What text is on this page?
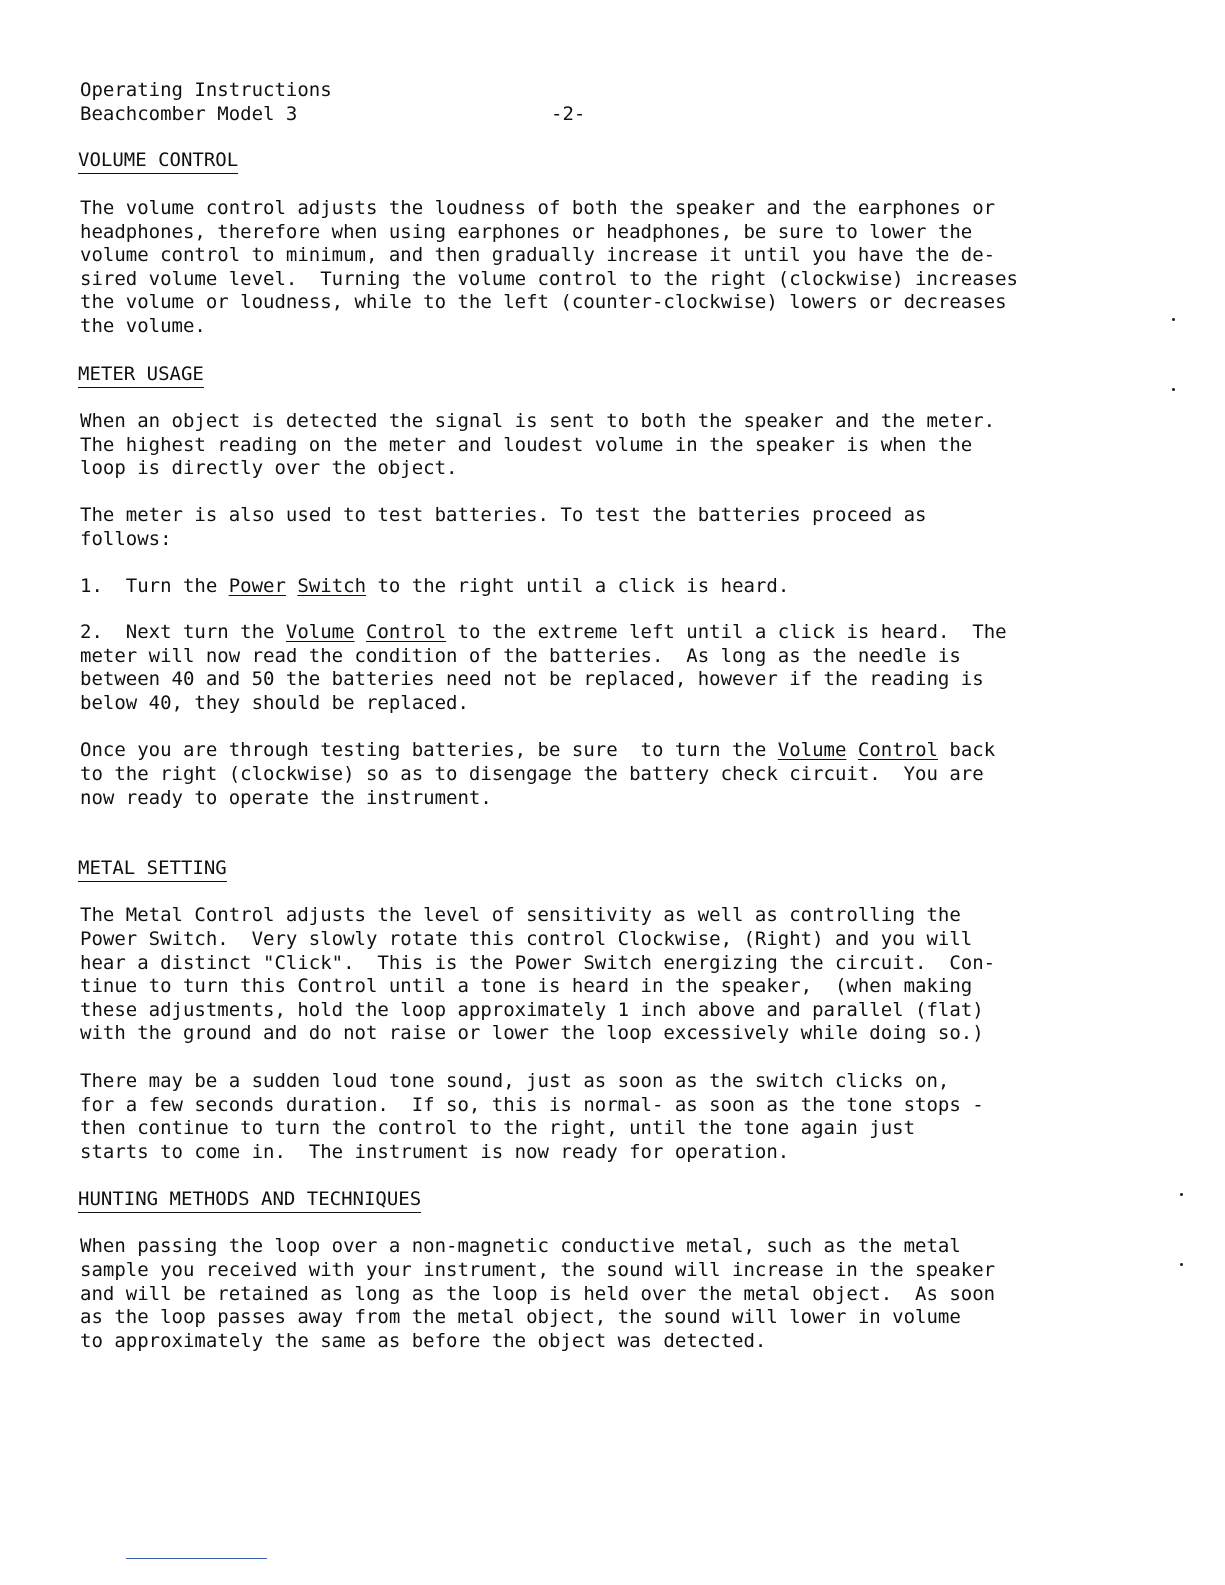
Operating Instructions
Beachcomber Model 3	-2-
VOLUME CONTROL
The volume control adjusts the loudness of both the speaker and the earphones or
headphones, therefore when using earphones or headphones, be sure to lower the
volume control to minimum, and then gradually increase it until you have the de-
sired volume level.  Turning the volume control to the right (clockwise) increases
the volume or loudness, while to the left (counter-clockwise) lowers or decreases
the volume.
METER USAGE
When an object is detected the signal is sent to both the speaker and the meter.
The highest reading on the meter and loudest volume in the speaker is when the
loop is directly over the object.
The meter is also used to test batteries. To test the batteries proceed as
follows:
1.  Turn the Power Switch to the right until a click is heard.
2.  Next turn the Volume Control to the extreme left until a click is heard.  The
meter will now read the condition of the batteries.  As long as the needle is
between 40 and 50 the batteries need not be replaced, however if the reading is
below 40, they should be replaced.
Once you are through testing batteries, be sure  to turn the Volume Control back
to the right (clockwise) so as to disengage the battery check circuit.  You are
now ready to operate the instrument.
METAL SETTING
The Metal Control adjusts the level of sensitivity as well as controlling the
Power Switch.  Very slowly rotate this control Clockwise, (Right) and you will
hear a distinct "Click".  This is the Power Switch energizing the circuit.  Con-
tinue to turn this Control until a tone is heard in the speaker,  (when making
these adjustments, hold the loop approximately 1 inch above and parallel (flat)
with the ground and do not raise or lower the loop excessively while doing so.)
There may be a sudden loud tone sound, just as soon as the switch clicks on,
for a few seconds duration.  If so, this is normal- as soon as the tone stops -
then continue to turn the control to the right, until the tone again just
starts to come in.  The instrument is now ready for operation.
HUNTING METHODS AND TECHNIQUES
When passing the loop over a non-magnetic conductive metal, such as the metal
sample you received with your instrument, the sound will increase in the speaker
and will be retained as long as the loop is held over the metal object.  As soon
as the loop passes away from the metal object, the sound will lower in volume
to approximately the same as before the object was detected.
